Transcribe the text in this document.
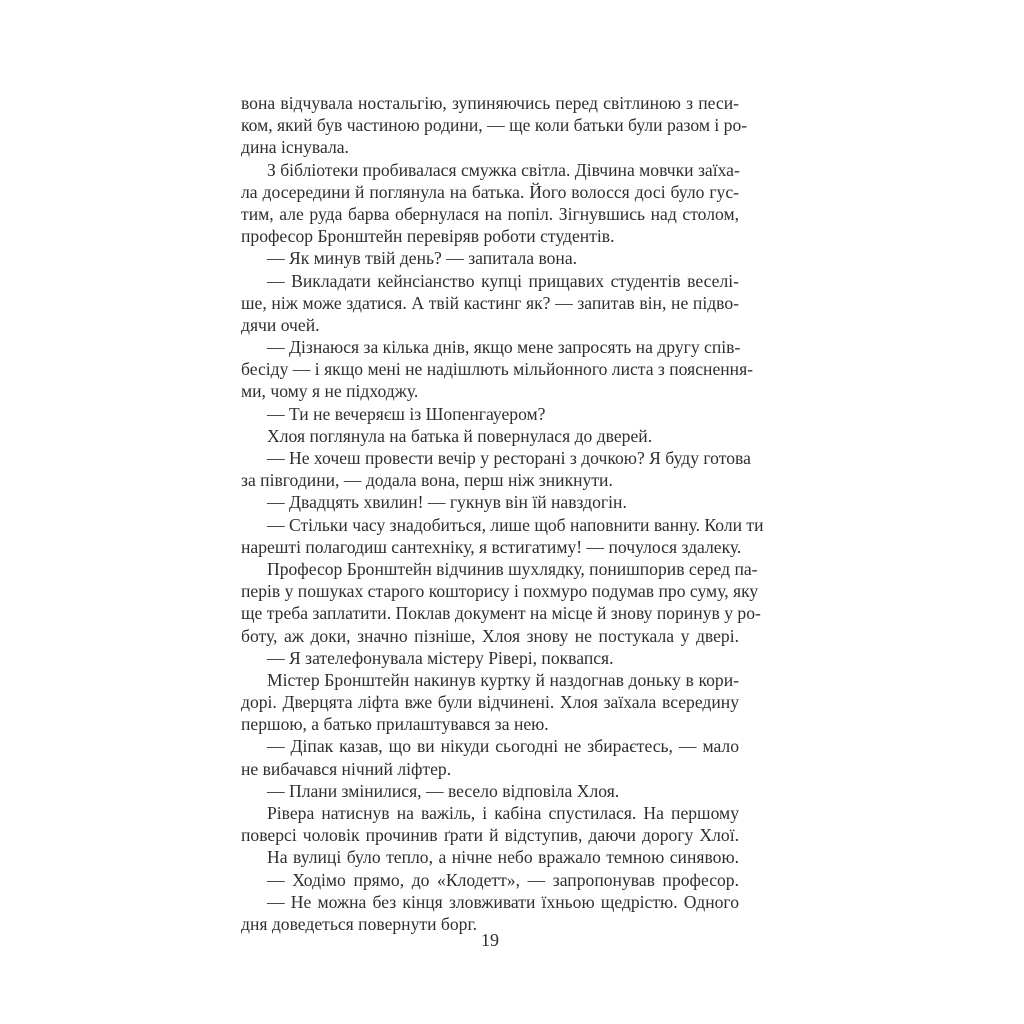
вона відчувала ностальгію, зупиняючись перед світлиною з песи-
ком, який був частиною родини, — ще коли батьки були разом і ро-
дина існувала.
З бібліотеки пробивалася смужка світла. Дівчина мовчки заїха-
ла досередини й поглянула на батька. Його волосся досі було гус-
тим, але руда барва обернулася на попіл. Зігнувшись над столом,
професор Бронштейн перевіряв роботи студентів.
— Як минув твій день? — запитала вона.
— Викладати кейнсіанство купці прищавих студентів веселі-
ше, ніж може здатися. А твій кастинг як? — запитав він, не підво-
дячи очей.
— Дізнаюся за кілька днів, якщо мене запросять на другу спів-
бесіду — і якщо мені не надішлють мільйонного листа з пояснення-
ми, чому я не підходжу.
— Ти не вечеряєш із Шопенгауером?
Хлоя поглянула на батька й повернулася до дверей.
— Не хочеш провести вечір у ресторані з дочкою? Я буду готова
за півгодини, — додала вона, перш ніж зникнути.
— Двадцять хвилин! — гукнув він їй навздогін.
— Стільки часу знадобиться, лише щоб наповнити ванну. Коли ти
нарешті полагодиш сантехніку, я встигатиму! — почулося здалеку.
Професор Бронштейн відчинив шухлядку, понишпорив серед па-
перів у пошуках старого кошторису і похмуро подумав про суму, яку
ще треба заплатити. Поклав документ на місце й знову поринув у ро-
боту, аж доки, значно пізніше, Хлоя знову не постукала у двері.
— Я зателефонувала містеру Рівері, поквапся.
Містер Бронштейн накинув куртку й наздогнав доньку в кори-
дорі. Дверцята ліфта вже були відчинені. Хлоя заїхала всередину
першою, а батько прилаштувався за нею.
— Діпак казав, що ви нікуди сьогодні не збираєтесь, — мало
не вибачався нічний ліфтер.
— Плани змінилися, — весело відповіла Хлоя.
Рівера натиснув на важіль, і кабіна спустилася. На першому
поверсі чоловік прочинив ґрати й відступив, даючи дорогу Хлої.
На вулиці було тепло, а нічне небо вражало темною синявою.
— Ходімо прямо, до «Клодетт», — запропонував професор.
— Не можна без кінця зловживати їхньою щедрістю. Одного
дня доведеться повернути борг.
19
